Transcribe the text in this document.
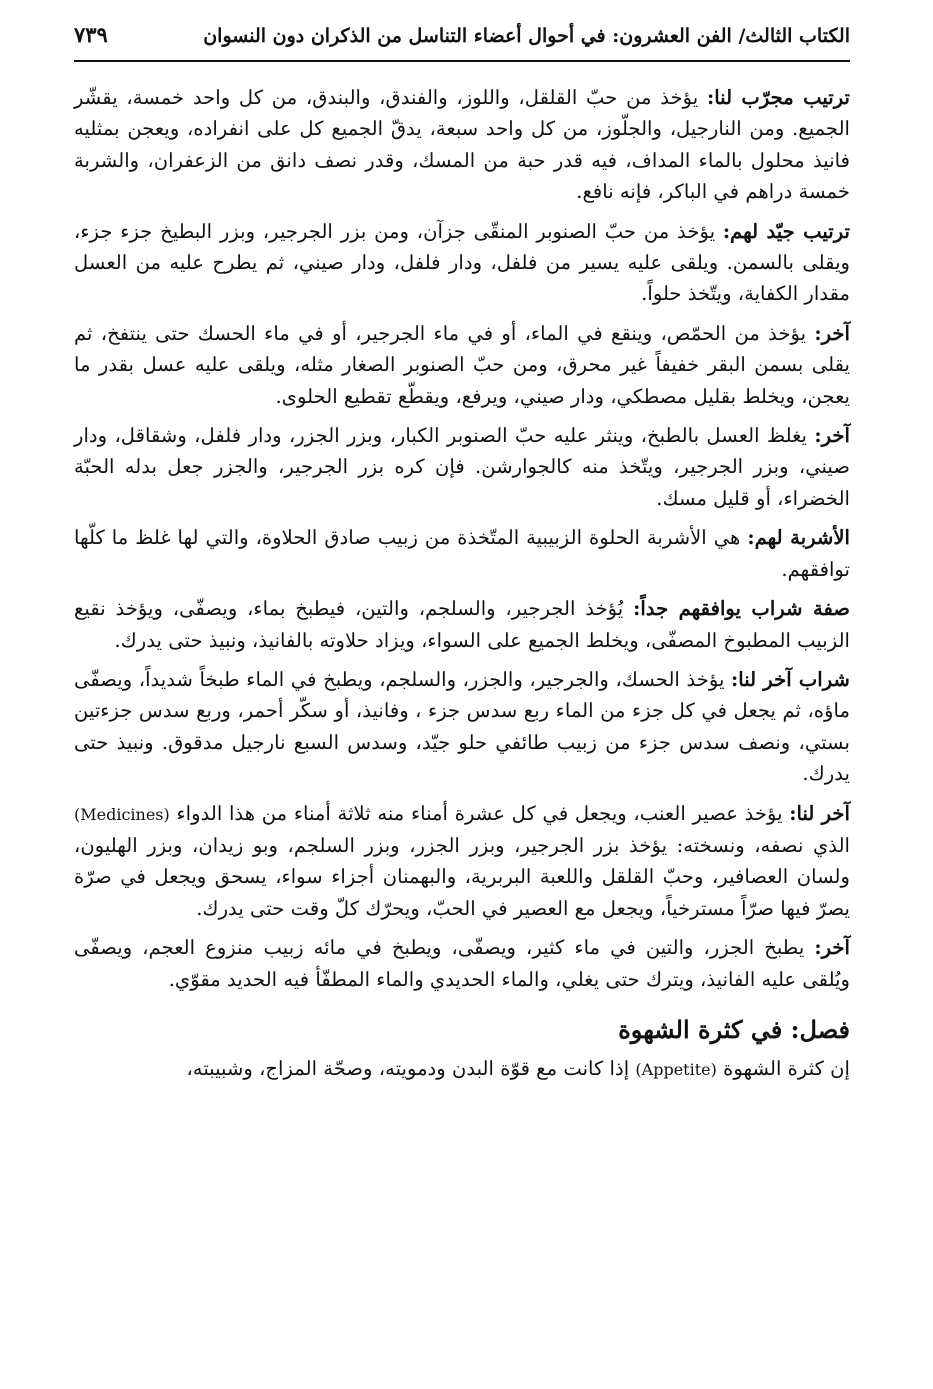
الكتاب الثالث/ الفن العشرون: في أحوال أعضاء التناسل من الذكران دون النسوان
٧٣٩

ترتيب مجرّب لنا: يؤخذ من حبّ القلقل، واللوز، والفندق، والبندق، من كل واحد خمسة، يقشّر الجميع. ومن النارجيل، والجلّوز، من كل واحد سبعة، يدقّ الجميع كل على انفراده، ويعجن بمثليه فانيذ محلول بالماء المداف، فيه قدر حبة من المسك، وقدر نصف دانق من الزعفران، والشربة خمسة دراهم في الباكر، فإنه نافع.

ترتيب جيّد لهم: يؤخذ من حبّ الصنوبر المنقّى جزآن، ومن بزر الجرجير، وبزر البطيخ جزء جزء، ويقلى بالسمن. ويلقى عليه يسير من فلفل، ودار فلفل، ودار صيني، ثم يطرح عليه من العسل مقدار الكفاية، ويتّخذ حلواً.

آخر: يؤخذ من الحمّص، وينقع في الماء، أو في ماء الجرجير، أو في ماء الحسك حتى ينتفخ، ثم يقلى بسمن البقر خفيفاً غير محرق، ومن حبّ الصنوبر الصغار مثله، ويلقى عليه عسل بقدر ما يعجن، ويخلط بقليل مصطكي، ودار صيني، ويرفع، ويقطّع تقطيع الحلوى.

آخر: يغلظ العسل بالطبخ، وينثر عليه حبّ الصنوبر الكبار، وبزر الجزر، ودار فلفل، وشقاقل، ودار صيني، وبزر الجرجير، ويتّخذ منه كالجوارشن. فإن كره بزر الجرجير، والجزر جعل بدله الحبّة الخضراء، أو قليل مسك.

الأشربة لهم: هي الأشربة الحلوة الزبيبية المتّخذة من زبيب صادق الحلاوة، والتي لها غلظ ما كلّها توافقهم.

صفة شراب يوافقهم جداً: يُؤخذ الجرجير، والسلجم، والتين، فيطبخ بماء، ويصفّى، ويؤخذ نقيع الزبيب المطبوخ المصفّى، ويخلط الجميع على السواء، ويزاد حلاوته بالفانيذ، ونبيذ حتى يدرك.

شراب آخر لنا: يؤخذ الحسك، والجرجير، والجزر، والسلجم، ويطبخ في الماء طبخاً شديداً، ويصفّى ماؤه، ثم يجعل في كل جزء من الماء ربع سدس جزء ، وفانيذ، أو سكّر أحمر، وربع سدس جزءتين بستي، ونصف سدس جزء من زبيب طائفي حلو جيّد، وسدس السبع نارجيل مدقوق. ونبيذ حتى يدرك.

آخر لنا: يؤخذ عصير العنب، ويجعل في كل عشرة أمناء منه ثلاثة أمناء من هذا الدواء (Medicines) الذي نصفه، ونسخته: يؤخذ بزر الجرجير، وبزر الجزر، وبزر السلجم، وبو زيدان، وبزر الهليون، ولسان العصافير، وحبّ القلقل واللعبة البربرية، والبهمنان أجزاء سواء، يسحق ويجعل في صرّة يصرّ فيها صرّاً مسترخياً، ويجعل مع العصير في الحبّ، ويحرّك كلّ وقت حتى يدرك.

آخر: يطبخ الجزر، والتين في ماء كثير، ويصفّى، ويطبخ في مائه زبيب منزوع العجم، ويصفّى ويُلقى عليه الفانيذ، ويترك حتى يغلي، والماء الحديدي والماء المطفّأ فيه الحديد مقوّي.

فصل: في كثرة الشهوة

إن كثرة الشهوة (Appetite) إذا كانت مع قوّة البدن ودمويته، وصحّة المزاج، وشبيبته،
